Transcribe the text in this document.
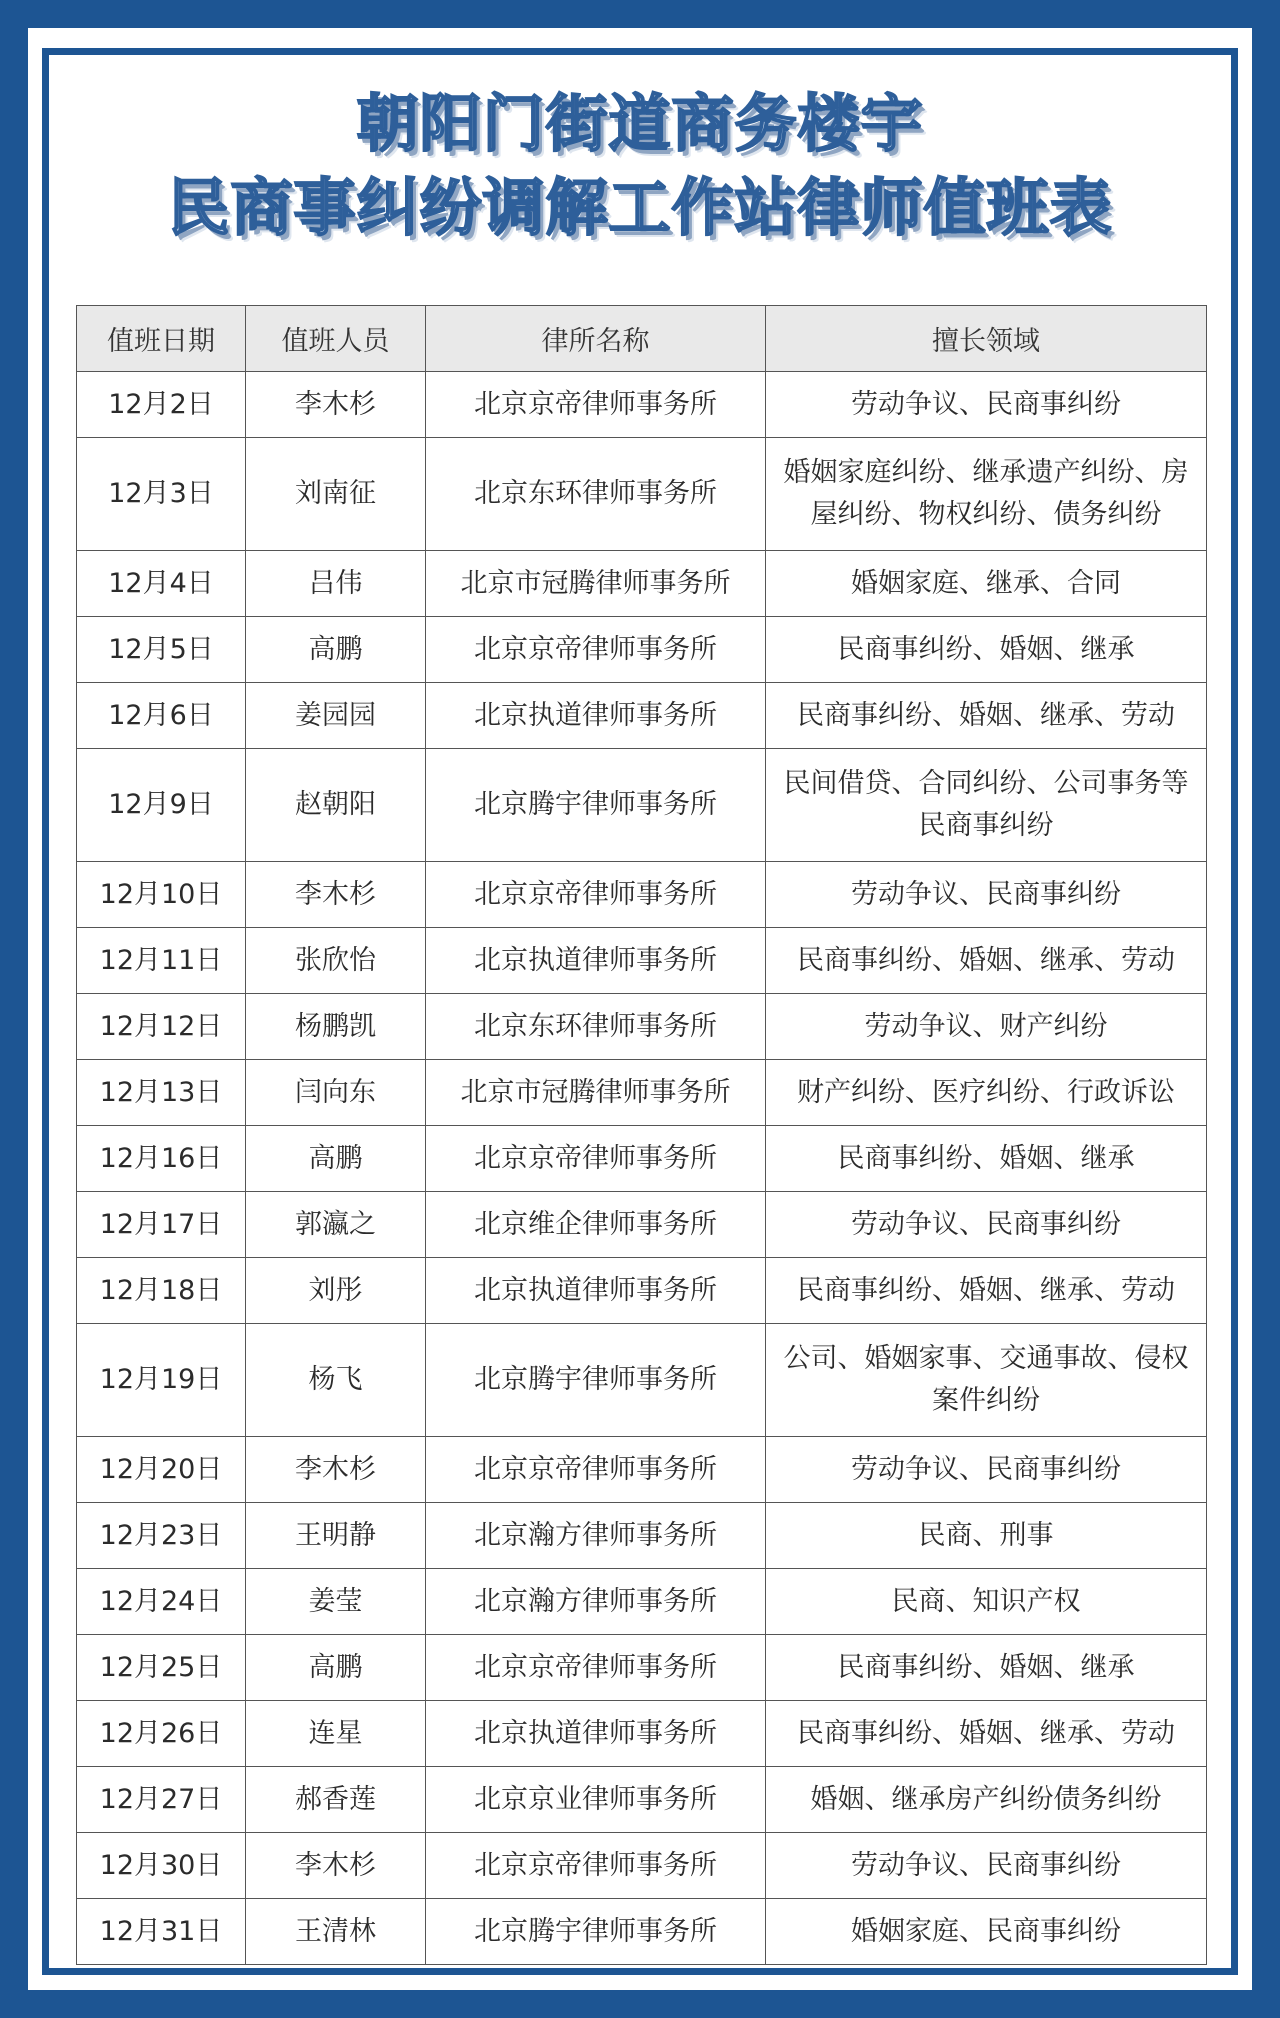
朝阳门街道商务楼宇
民商事纠纷调解工作站律师值班表
值班日期	值班人员	律所名称	擅长领域
12月2日	李木杉	北京京帝律师事务所	劳动争议、民商事纠纷
12月3日	刘南征	北京东环律师事务所	婚姻家庭纠纷、继承遗产纠纷、房屋纠纷、物权纠纷、债务纠纷
12月4日	吕伟	北京市冠腾律师事务所	婚姻家庭、继承、合同
12月5日	高鹏	北京京帝律师事务所	民商事纠纷、婚姻、继承
12月6日	姜园园	北京执道律师事务所	民商事纠纷、婚姻、继承、劳动
12月9日	赵朝阳	北京腾宇律师事务所	民间借贷、合同纠纷、公司事务等民商事纠纷
12月10日	李木杉	北京京帝律师事务所	劳动争议、民商事纠纷
12月11日	张欣怡	北京执道律师事务所	民商事纠纷、婚姻、继承、劳动
12月12日	杨鹏凯	北京东环律师事务所	劳动争议、财产纠纷
12月13日	闫向东	北京市冠腾律师事务所	财产纠纷、医疗纠纷、行政诉讼
12月16日	高鹏	北京京帝律师事务所	民商事纠纷、婚姻、继承
12月17日	郭瀛之	北京维企律师事务所	劳动争议、民商事纠纷
12月18日	刘彤	北京执道律师事务所	民商事纠纷、婚姻、继承、劳动
12月19日	杨飞	北京腾宇律师事务所	公司、婚姻家事、交通事故、侵权案件纠纷
12月20日	李木杉	北京京帝律师事务所	劳动争议、民商事纠纷
12月23日	王明静	北京瀚方律师事务所	民商、刑事
12月24日	姜莹	北京瀚方律师事务所	民商、知识产权
12月25日	高鹏	北京京帝律师事务所	民商事纠纷、婚姻、继承
12月26日	连星	北京执道律师事务所	民商事纠纷、婚姻、继承、劳动
12月27日	郝香莲	北京京业律师事务所	婚姻、继承房产纠纷债务纠纷
12月30日	李木杉	北京京帝律师事务所	劳动争议、民商事纠纷
12月31日	王清林	北京腾宇律师事务所	婚姻家庭、民商事纠纷
